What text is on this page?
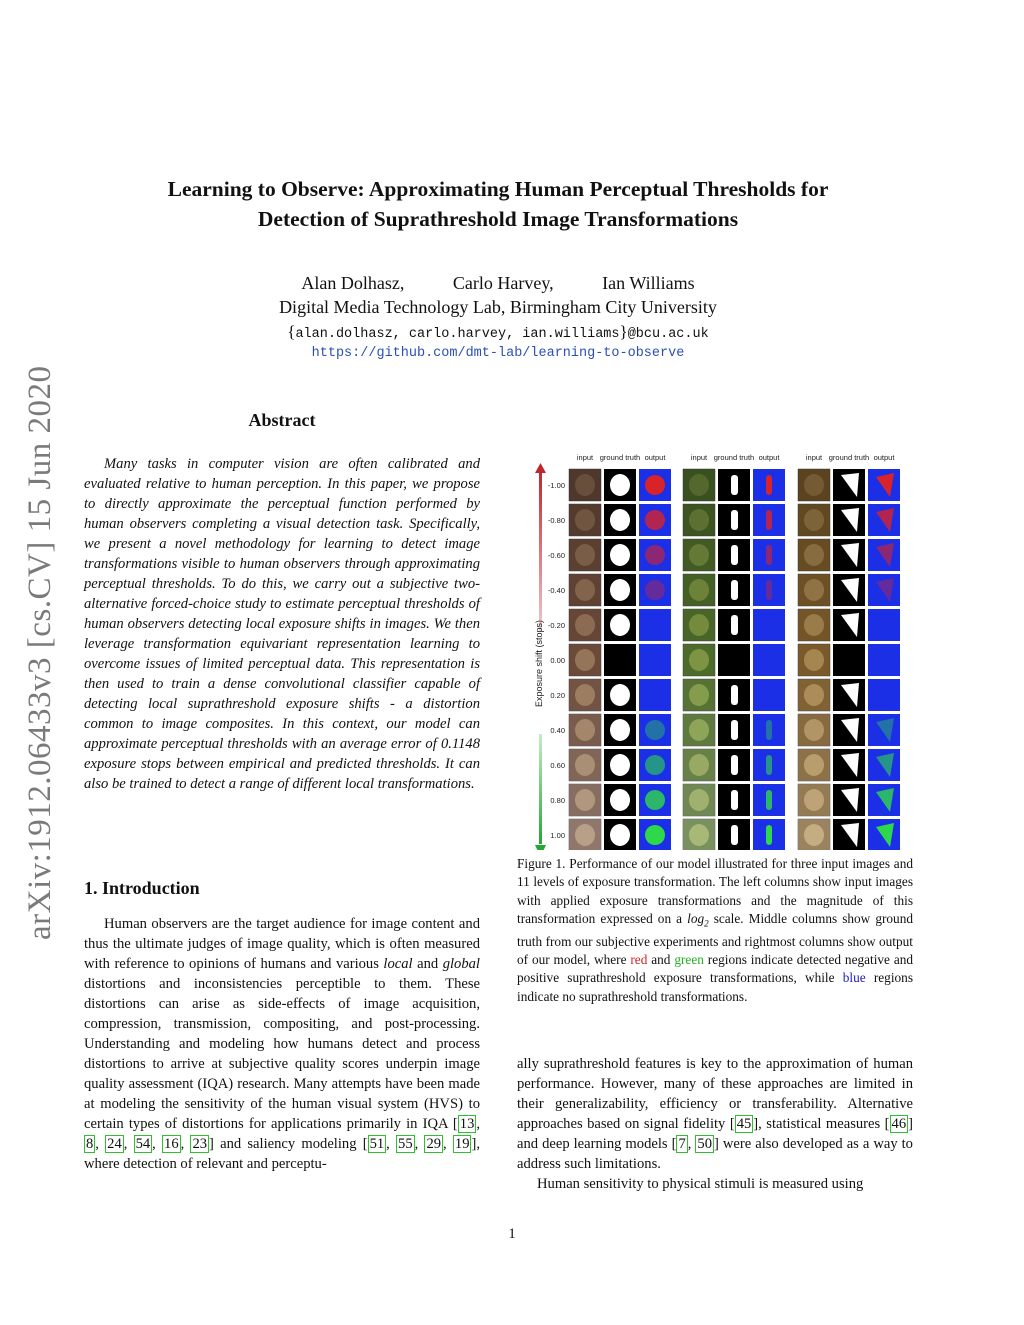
arXiv:1912.06433v3 [cs.CV] 15 Jun 2020
Learning to Observe: Approximating Human Perceptual Thresholds for
Detection of Suprathreshold Image Transformations
Alan Dolhasz,	Carlo Harvey,	Ian Williams
Digital Media Technology Lab, Birmingham City University
{alan.dolhasz, carlo.harvey, ian.williams}@bcu.ac.uk
https://github.com/dmt-lab/learning-to-observe
Abstract
Many tasks in computer vision are often calibrated and evaluated relative to human perception. In this paper, we propose to directly approximate the perceptual function performed by human observers completing a visual detection task. Specifically, we present a novel methodology for learning to detect image transformations visible to human observers through approximating perceptual thresholds. To do this, we carry out a subjective two-alternative forced-choice study to estimate perceptual thresholds of human observers detecting local exposure shifts in images. We then leverage transformation equivariant representation learning to overcome issues of limited perceptual data. This representation is then used to train a dense convolutional classifier capable of detecting local suprathreshold exposure shifts - a distortion common to image composites. In this context, our model can approximate perceptual thresholds with an average error of 0.1148 exposure stops between empirical and predicted thresholds. It can also be trained to detect a range of different local transformations.
1. Introduction
Human observers are the target audience for image content and thus the ultimate judges of image quality, which is often measured with reference to opinions of humans and various local and global distortions and inconsistencies perceptible to them. These distortions can arise as side-effects of image acquisition, compression, transmission, compositing, and post-processing. Understanding and modeling how humans detect and process distortions to arrive at subjective quality scores underpin image quality assessment (IQA) research. Many attempts have been made at modeling the sensitivity of the human visual system (HVS) to certain types of distortions for applications primarily in IQA [ 13 , 8 , 24 , 54 , 16 , 23 ] and saliency modeling [ 51 , 55 , 29 , 19 ], where detection of relevant and perceptu-
input ground truth output	input ground truth output	input ground truth output
Exposure shift (stops)
-1.00
-0.80
-0.60
-0.40
-0.20
0.00
0.20
0.40
0.60
0.80
1.00
Figure 1. Performance of our model illustrated for three input images and 11 levels of exposure transformation. The left columns show input images with applied exposure transformations and the magnitude of this transformation expressed on a $\log_2$ scale. Middle columns show ground truth from our subjective experiments and rightmost columns show output of our model, where red and green regions indicate detected negative and positive suprathreshold exposure transformations, while blue regions indicate no suprathreshold transformations.

ally suprathreshold features is key to the approximation of human performance. However, many of these approaches are limited in their generalizability, efficiency or transferability. Alternative approaches based on signal fidelity [ 45 ], statistical measures [ 46 ] and deep learning models [ 7 , 50 ] were also developed as a way to address such limitations.

Human sensitivity to physical stimuli is measured using

1
